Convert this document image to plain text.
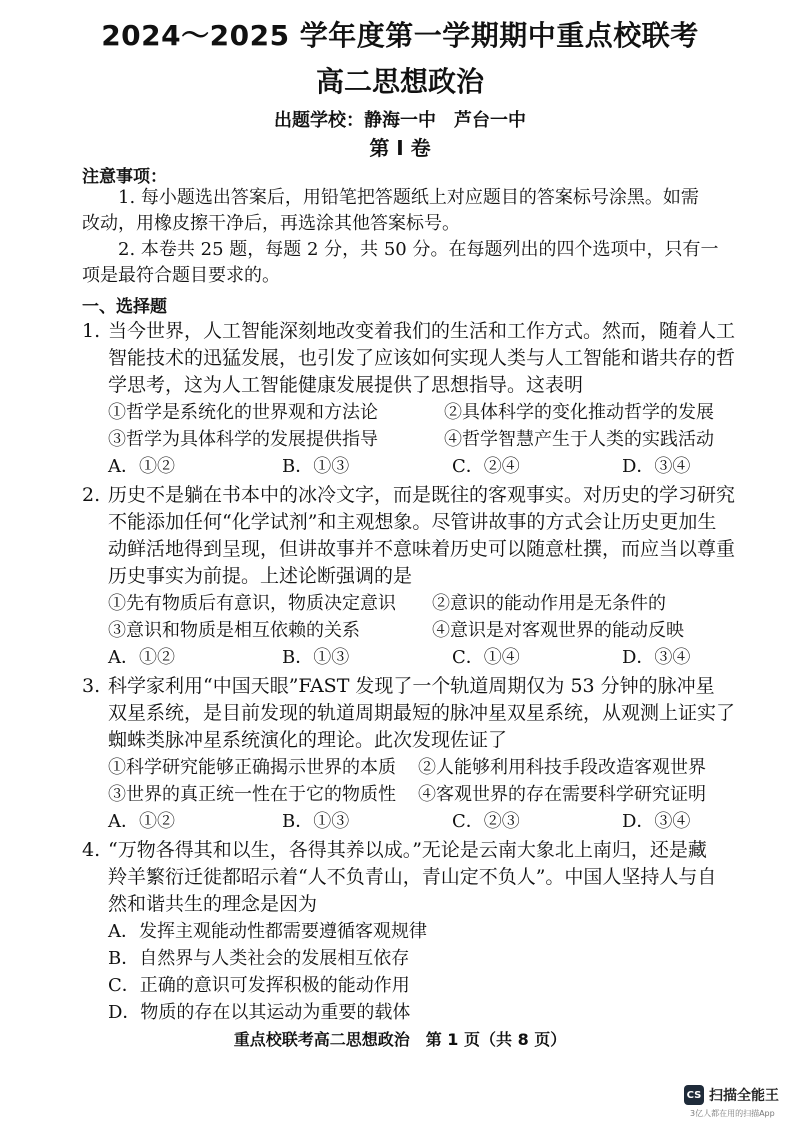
2024～2025 学年度第一学期期中重点校联考
高二思想政治
出题学校：静海一中　芦台一中
第 I 卷
注意事项：
1. 每小题选出答案后，用铅笔把答题纸上对应题目的答案标号涂黑。如需
改动，用橡皮擦干净后，再选涂其他答案标号。
2. 本卷共 25 题，每题 2 分，共 50 分。在每题列出的四个选项中，只有一
项是最符合题目要求的。
一、选择题
1. 当今世界，人工智能深刻地改变着我们的生活和工作方式。然而，随着人工
智能技术的迅猛发展，也引发了应该如何实现人类与人工智能和谐共存的哲
学思考，这为人工智能健康发展提供了思想指导。这表明
①哲学是系统化的世界观和方法论	②具体科学的变化推动哲学的发展
③哲学为具体科学的发展提供指导	④哲学智慧产生于人类的实践活动
A．①②	B．①③	C．②④	D．③④
2. 历史不是躺在书本中的冰冷文字，而是既往的客观事实。对历史的学习研究
不能添加任何“化学试剂”和主观想象。尽管讲故事的方式会让历史更加生
动鲜活地得到呈现，但讲故事并不意味着历史可以随意杜撰，而应当以尊重
历史事实为前提。上述论断强调的是
①先有物质后有意识，物质决定意识 ②意识的能动作用是无条件的
③意识和物质是相互依赖的关系	④意识是对客观世界的能动反映
A．①②	B．①③	C．①④	D．③④
3. 科学家利用“中国天眼”FAST 发现了一个轨道周期仅为 53 分钟的脉冲星
双星系统，是目前发现的轨道周期最短的脉冲星双星系统，从观测上证实了
蜘蛛类脉冲星系统演化的理论。此次发现佐证了
①科学研究能够正确揭示世界的本质 ②人能够利用科技手段改造客观世界
③世界的真正统一性在于它的物质性 ④客观世界的存在需要科学研究证明
A．①②	B．①③	C．②③	D．③④
4. “万物各得其和以生，各得其养以成。”无论是云南大象北上南归，还是藏
羚羊繁衍迁徙都昭示着“人不负青山，青山定不负人”。中国人坚持人与自
然和谐共生的理念是因为
A．发挥主观能动性都需要遵循客观规律
B．自然界与人类社会的发展相互依存
C．正确的意识可发挥积极的能动作用
D．物质的存在以其运动为重要的载体
重点校联考高二思想政治　第 1 页（共 8 页）
CS 扫描全能王
3亿人都在用的扫描App
